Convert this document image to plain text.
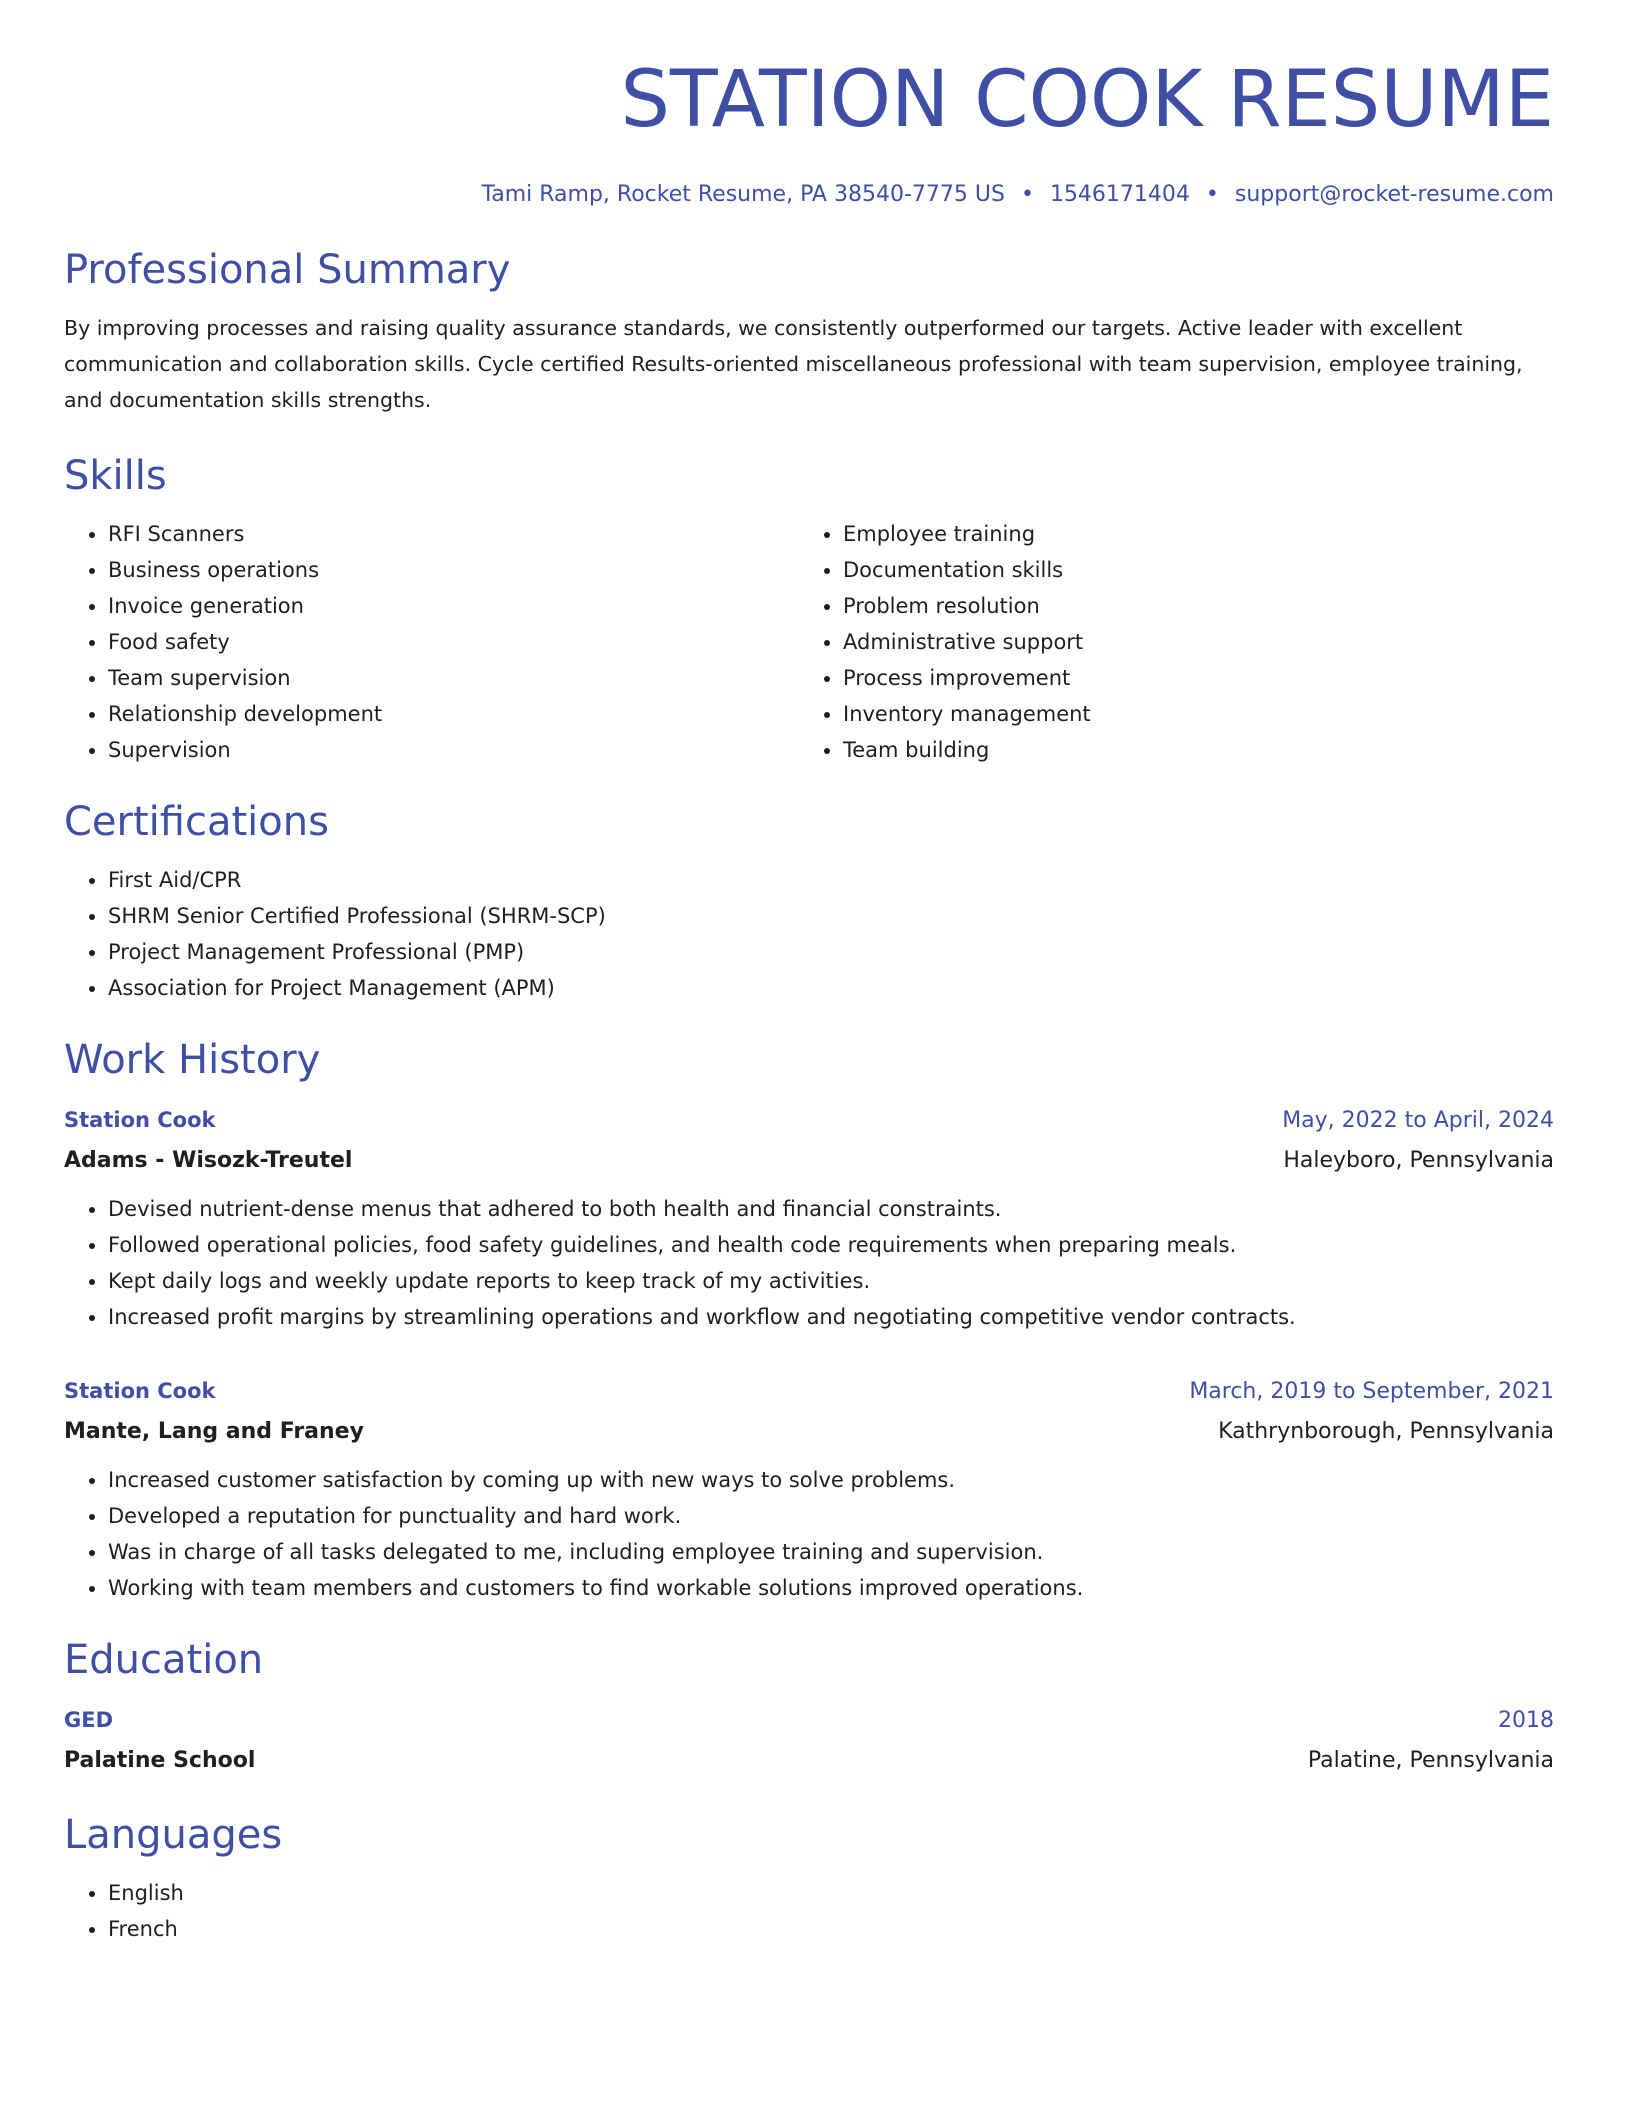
STATION COOK RESUME
Tami Ramp, Rocket Resume, PA 38540-7775 US • 1546171404 • support@rocket-resume.com
Professional Summary
By improving processes and raising quality assurance standards, we consistently outperformed our targets. Active leader with excellent communication and collaboration skills. Cycle certified Results-oriented miscellaneous professional with team supervision, employee training, and documentation skills strengths.
Skills
• RFI Scanners
• Business operations
• Invoice generation
• Food safety
• Team supervision
• Relationship development
• Supervision
• Employee training
• Documentation skills
• Problem resolution
• Administrative support
• Process improvement
• Inventory management
• Team building
Certifications
• First Aid/CPR
• SHRM Senior Certified Professional (SHRM-SCP)
• Project Management Professional (PMP)
• Association for Project Management (APM)
Work History
Station Cook	May, 2022 to April, 2024
Adams - Wisozk-Treutel	Haleyboro, Pennsylvania
• Devised nutrient-dense menus that adhered to both health and financial constraints.
• Followed operational policies, food safety guidelines, and health code requirements when preparing meals.
• Kept daily logs and weekly update reports to keep track of my activities.
• Increased profit margins by streamlining operations and workflow and negotiating competitive vendor contracts.
Station Cook	March, 2019 to September, 2021
Mante, Lang and Franey	Kathrynborough, Pennsylvania
• Increased customer satisfaction by coming up with new ways to solve problems.
• Developed a reputation for punctuality and hard work.
• Was in charge of all tasks delegated to me, including employee training and supervision.
• Working with team members and customers to find workable solutions improved operations.
Education
GED	2018
Palatine School	Palatine, Pennsylvania
Languages
• English
• French
